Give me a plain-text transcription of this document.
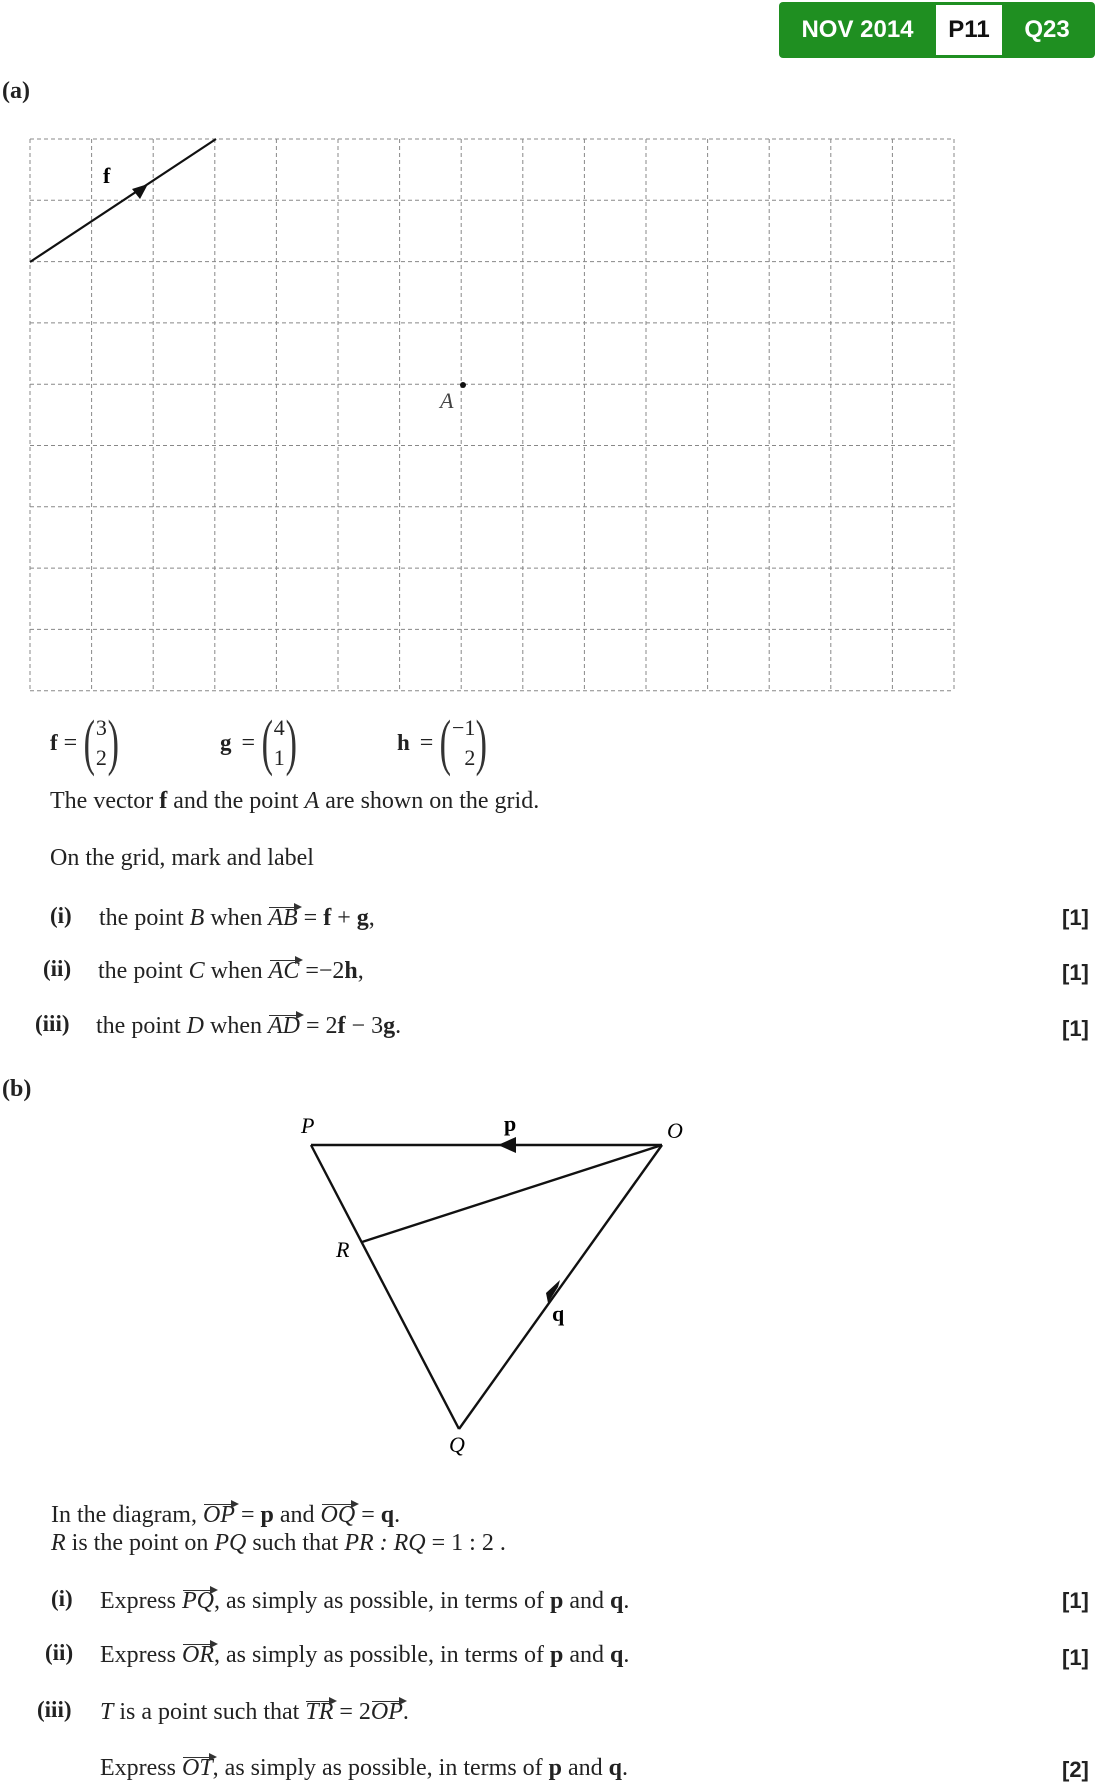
NOV 2014	P11	Q23
(a)
f
A
f = ( 3
2 )	g = ( 4
1 )	h = ( −1
2 )
The vector f and the point A are shown on the grid.
On the grid, mark and label
(i) the point B when AB = f + g,	[1]
(ii) the point C when AC =−2h,	[1]
(iii) the point D when AD = 2f − 3g.	[1]
(b)
P	O
R
Q
p
q
In the diagram, OP = p and OQ = q.
R is the point on PQ such that PR : RQ = 1 : 2 .
(i) Express PQ, as simply as possible, in terms of p and q.	[1]
(ii) Express OR, as simply as possible, in terms of p and q.	[1]
(iii) T is a point such that TR = 2OP.
Express OT, as simply as possible, in terms of p and q.	[2]
